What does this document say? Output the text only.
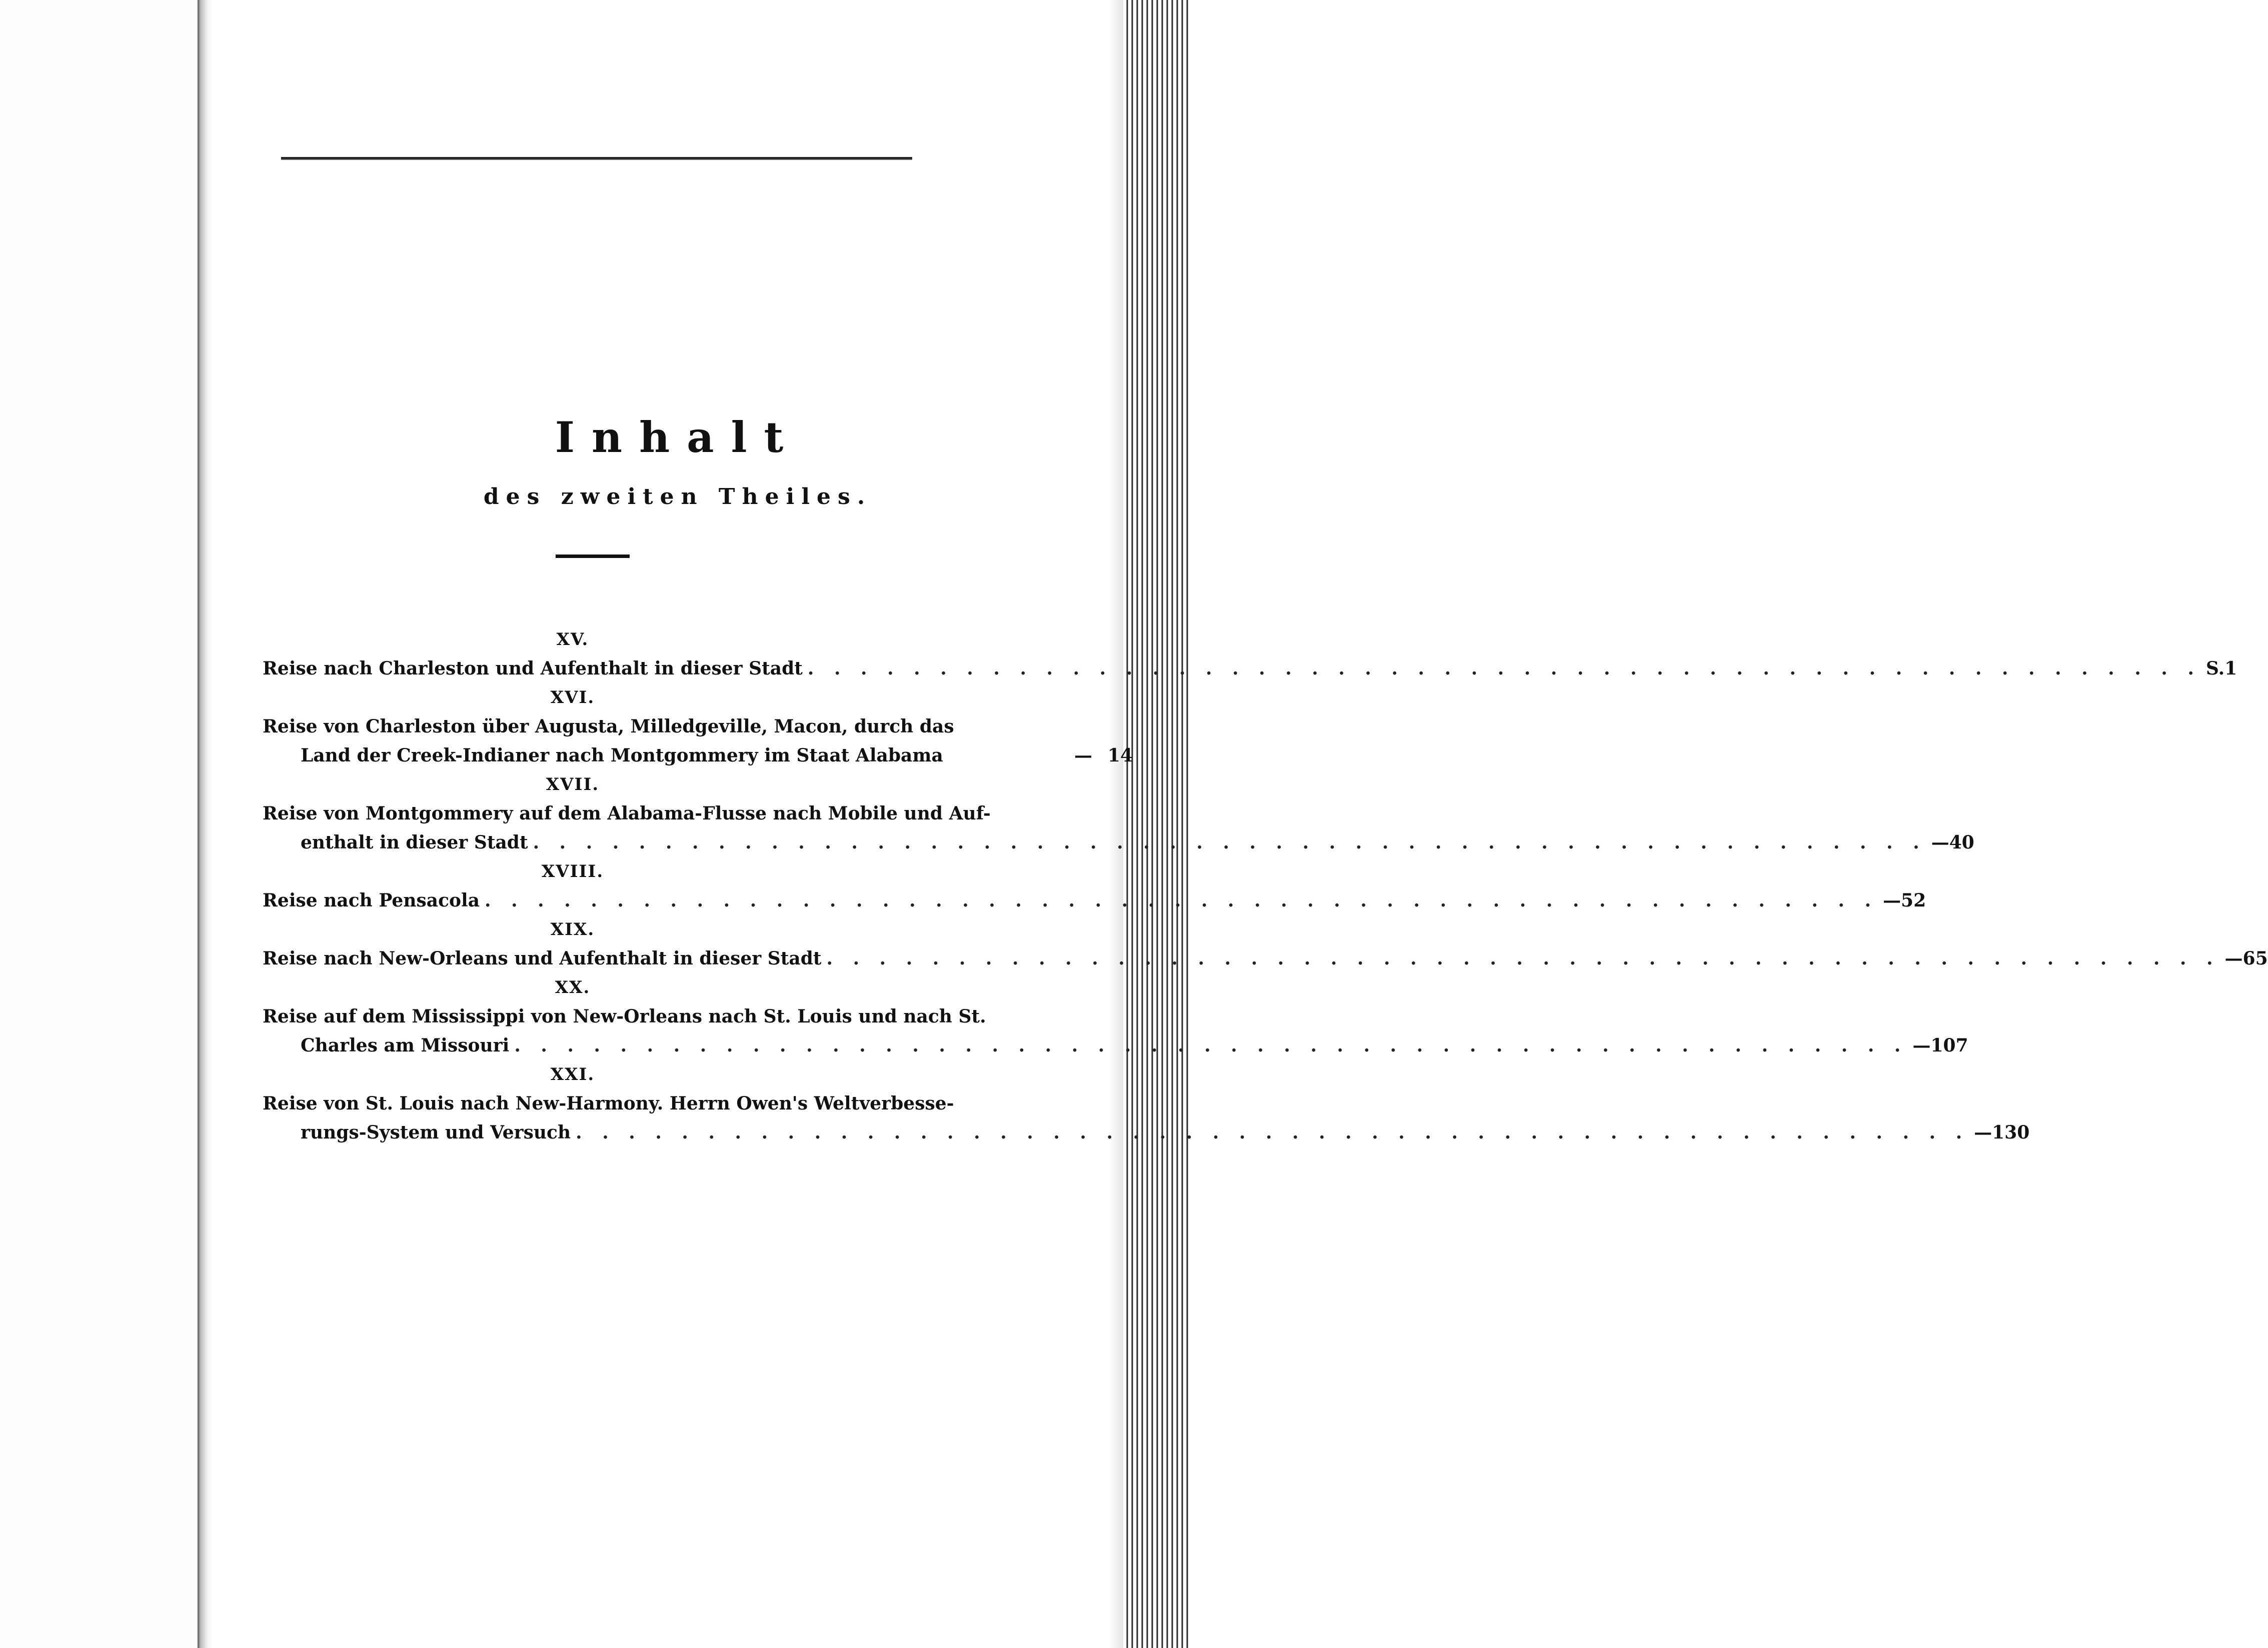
Inhalt
des zweiten Theiles.
XV.
Reise nach Charleston und Aufenthalt in dieser Stadt . . . . . . . . . . . . . . . . . . . . . . . . . . . . . . . . . . . . . . . . . . . . . . . . . . . . . S. 1
XVI.
Reise von Charleston über Augusta, Milledgeville, Macon, durch das
Land der Creek-Indianer nach Montgommery im Staat Alabama	— 14
XVII.
Reise von Montgommery auf dem Alabama-Flusse nach Mobile und Auf-
enthalt in dieser Stadt . . . . . . . . . . . . . . . . . . . . . . . . . . . . . . . . . . . . . . . . . . . . . . . . . . . . . — 40
XVIII.
Reise nach Pensacola . . . . . . . . . . . . . . . . . . . . . . . . . . . . . . . . . . . . . . . . . . . . . . . . . . . . . — 52
XIX.
Reise nach New-Orleans und Aufenthalt in dieser Stadt . . . . . . . . . . . . . . . . . . . . . . . . . . . . . . . . . . . . . . . . . . . . . . . . . . . . . — 65
XX.
Reise auf dem Mississippi von New-Orleans nach St. Louis und nach St.
Charles am Missouri . . . . . . . . . . . . . . . . . . . . . . . . . . . . . . . . . . . . . . . . . . . . . . . . . . . . . — 107
XXI.
Reise von St. Louis nach New-Harmony. Herrn Owen's Weltverbesse-
rungs-System und Versuch . . . . . . . . . . . . . . . . . . . . . . . . . . . . . . . . . . . . . . . . . . . . . . . . . . . . . — 130
